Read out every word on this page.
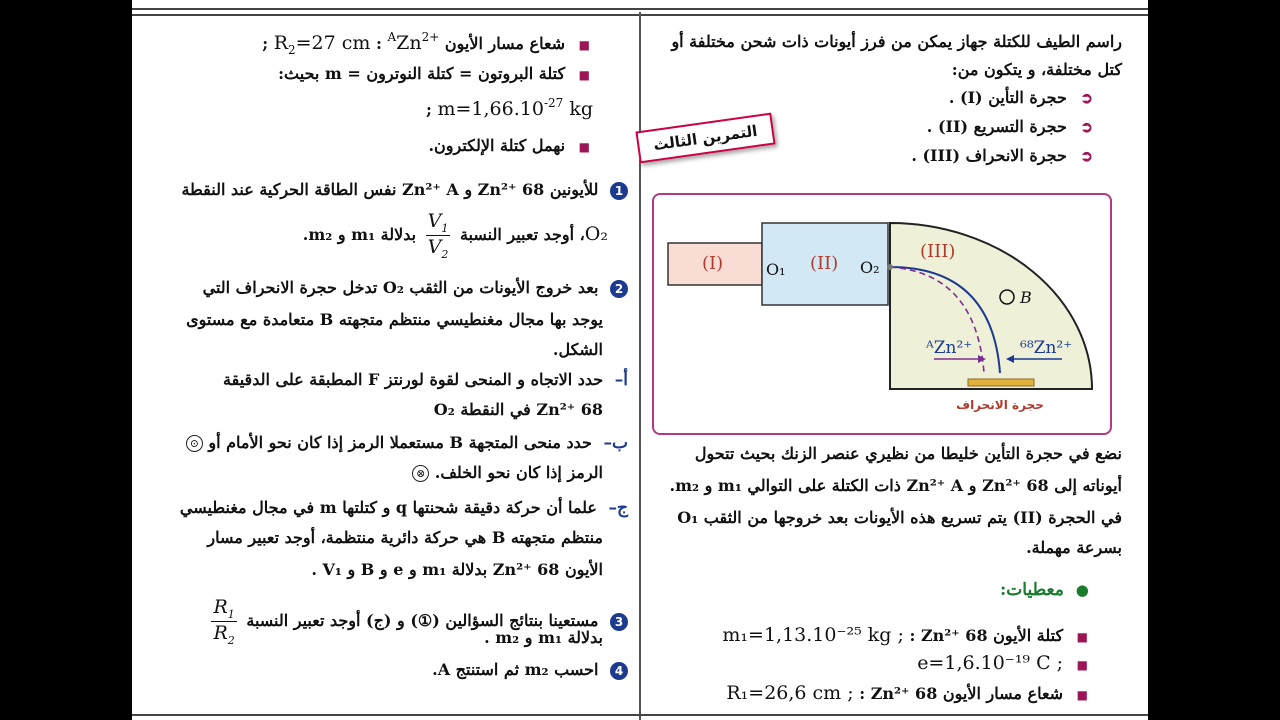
■ شعاع مسار الأيون $^AZn^{2+}$ : $R_2=27$ cm ;
■ كتلة البروتون = كتلة النوترون = m بحيث:
$m=1,66.10^{-27}$ kg ;
■ نهمل كتلة الإلكترون.
1 للأيونين Zn²⁺ 68 و Zn²⁺ A نفس الطاقة الحركية عند النقطة
O₂، أوجد تعبير النسبة
$\frac{V_1}{V_2}$
بدلالة m₁ و m₂.
2 بعد خروج الأيونات من الثقب O₂ تدخل حجرة الانحراف التي
يوجد بها مجال مغنطيسي منتظم متجهته B متعامدة مع مستوى
الشكل.
أ– حدد الاتجاه و المنحى لقوة لورنتز F المطبقة على الدقيقة
Zn²⁺ 68 في النقطة O₂
ب– حدد منحى المتجهة B مستعملا الرمز إذا كان نحو الأمام أو ⊙
الرمز إذا كان نحو الخلف. ⊗
ج– علما أن حركة دقيقة شحنتها q و كتلتها m في مجال مغنطيسي
منتظم متجهته B هي حركة دائرية منتظمة، أوجد تعبير مسار
الأيون Zn²⁺ 68 بدلالة m₁ و e و B و V₁ .
3 مستعينا بنتائج السؤالين (①) و (ج) أوجد تعبير النسبة
$\frac{R_1}{R_2}$	بدلالة m₁ و m₂ .
4 احسب m₂ ثم استنتج A.
التمرين الثالث
راسم الطيف للكتلة جهاز يمكن من فرز أيونات ذات شحن مختلفة أو
كتل مختلفة، و يتكون من:
➲ حجرة التأين (I) .
➲ حجرة التسريع (II) .
➲ حجرة الانحراف (III) .
(I)	O₁ (II) O₂
(III)
B
ᴬZn²⁺	⁶⁸Zn²⁺
حجرة الانحراف
نضع في حجرة التأين خليطا من نظيري عنصر الزنك بحيث تتحول
أيوناته إلى Zn²⁺ 68 و Zn²⁺ A ذات الكتلة على التوالي m₁ و m₂.
في الحجرة (II) يتم تسريع هذه الأيونات بعد خروجها من الثقب O₁
بسرعة مهملة.
● معطيات:
■ كتلة الأيون Zn²⁺ 68 : m₁=1,13.10⁻²⁵ kg ;
■ e=1,6.10⁻¹⁹ C ;
■ شعاع مسار الأيون Zn²⁺ 68 : R₁=26,6 cm ;
